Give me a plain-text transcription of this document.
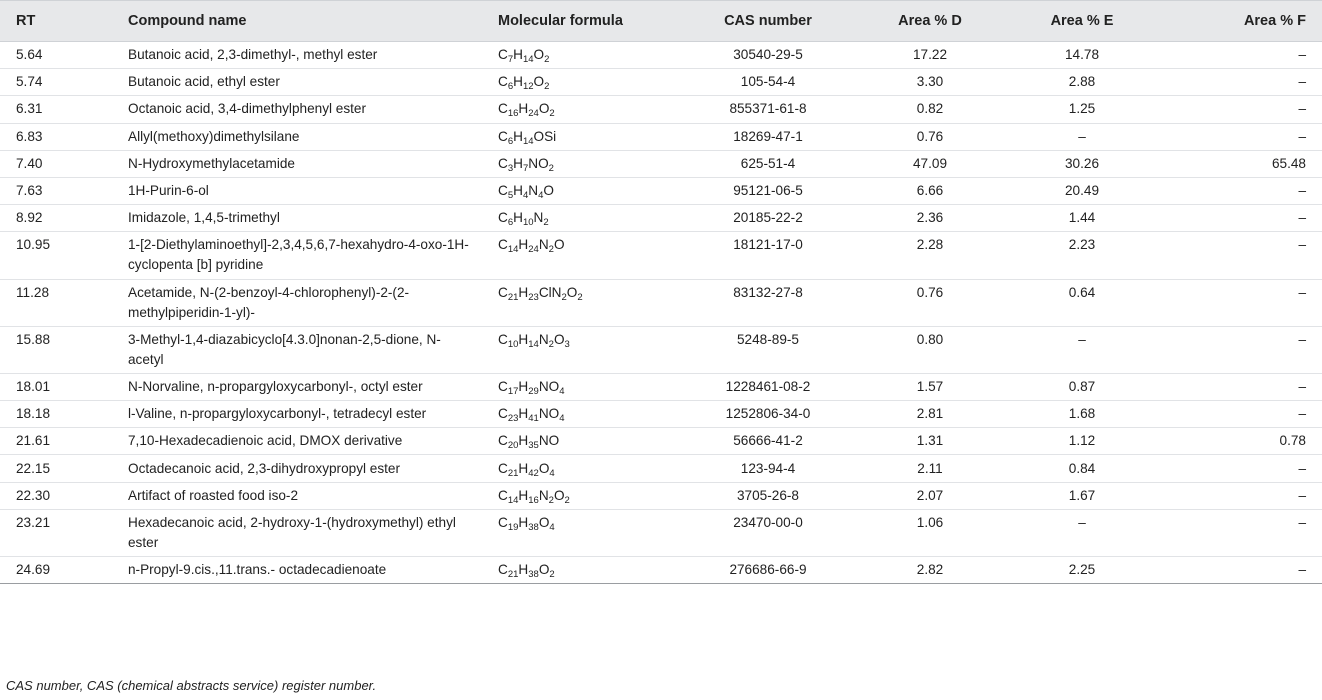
RT	Compound name	Molecular formula	CAS number	Area % D	Area % E	Area % F
5.64	Butanoic acid, 2,3-dimethyl-, methyl ester	$C_7H_{14}O_2$	30540-29-5	17.22	14.78	–
5.74	Butanoic acid, ethyl ester	$C_6H_{12}O_2$	105-54-4	3.30	2.88	–
6.31	Octanoic acid, 3,4-dimethylphenyl ester	$C_{16}H_{24}O_2$	855371-61-8	0.82	1.25	–
6.83	Allyl(methoxy)dimethylsilane	$C_6H_{14}OSi$	18269-47-1	0.76	–	–
7.40	N-Hydroxymethylacetamide	$C_3H_7NO_2$	625-51-4	47.09	30.26	65.48
7.63	1H-Purin-6-ol	$C_5H_4N_4O$	95121-06-5	6.66	20.49	–
8.92	Imidazole, 1,4,5-trimethyl	$C_6H_{10}N_2$	20185-22-2	2.36	1.44	–
10.95	1-[2-Diethylaminoethyl]-2,3,4,5,6,7-hexahydro-4-oxo-1H- cyclopenta [b] pyridine	$C_{14}H_{24}N_2O$	18121-17-0	2.28	2.23	–
11.28	Acetamide, N-(2-benzoyl-4-chlorophenyl)-2-(2-methylpiperidin-1-yl)-	$C_{21}H_{23}ClN_2O_2$	83132-27-8	0.76	0.64	–
15.88	3-Methyl-1,4-diazabicyclo[4.3.0]nonan-2,5-dione, N-acetyl	$C_{10}H_{14}N_2O_3$	5248-89-5	0.80	–	–
18.01	N-Norvaline, n-propargyloxycarbonyl-, octyl ester	$C_{17}H_{29}NO_4$	1228461-08-2	1.57	0.87	–
18.18	l-Valine, n-propargyloxycarbonyl-, tetradecyl ester	$C_{23}H_{41}NO_4$	1252806-34-0	2.81	1.68	–
21.61	7,10-Hexadecadienoic acid, DMOX derivative	$C_{20}H_{35}NO$	56666-41-2	1.31	1.12	0.78
22.15	Octadecanoic acid, 2,3-dihydroxypropyl ester	$C_{21}H_{42}O_4$	123-94-4	2.11	0.84	–
22.30	Artifact of roasted food iso-2	$C_{14}H_{16}N_2O_2$	3705-26-8	2.07	1.67	–
23.21	Hexadecanoic acid, 2-hydroxy-1-(hydroxymethyl) ethyl ester	$C_{19}H_{38}O_4$	23470-00-0	1.06	–	–
24.69	n-Propyl-9.cis.,11.trans.- octadecadienoate	$C_{21}H_{38}O_2$	276686-66-9	2.82	2.25	–
CAS number, CAS (chemical abstracts service) register number.
